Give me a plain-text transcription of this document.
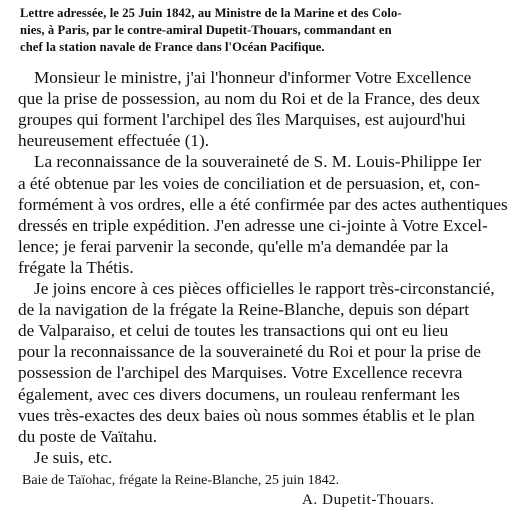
Lettre adressée, le 25 Juin 1842, au Ministre de la Marine et des Colo-
nies, à Paris, par le contre-amiral Dupetit-Thouars, commandant en
chef la station navale de France dans l'Océan Pacifique.
Monsieur le ministre, j'ai l'honneur d'informer Votre Excellence
que la prise de possession, au nom du Roi et de la France, des deux
groupes qui forment l'archipel des îles Marquises, est aujourd'hui
heureusement effectuée (1).
La reconnaissance de la souveraineté de S. M. Louis-Philippe Ier
a été obtenue par les voies de conciliation et de persuasion, et, con-
formément à vos ordres, elle a été confirmée par des actes authentiques
dressés en triple expédition. J'en adresse une ci-jointe à Votre Excel-
lence; je ferai parvenir la seconde, qu'elle m'a demandée par la
frégate la Thétis.
Je joins encore à ces pièces officielles le rapport très-circonstancié,
de la navigation de la frégate la Reine-Blanche, depuis son départ
de Valparaiso, et celui de toutes les transactions qui ont eu lieu
pour la reconnaissance de la souveraineté du Roi et pour la prise de
possession de l'archipel des Marquises. Votre Excellence recevra
également, avec ces divers documens, un rouleau renfermant les
vues très-exactes des deux baies où nous sommes établis et le plan
du poste de Vaïtahu.
Je suis, etc.
Baie de Taïohac, frégate la Reine-Blanche, 25 juin 1842.
A. Dupetit-Thouars.
